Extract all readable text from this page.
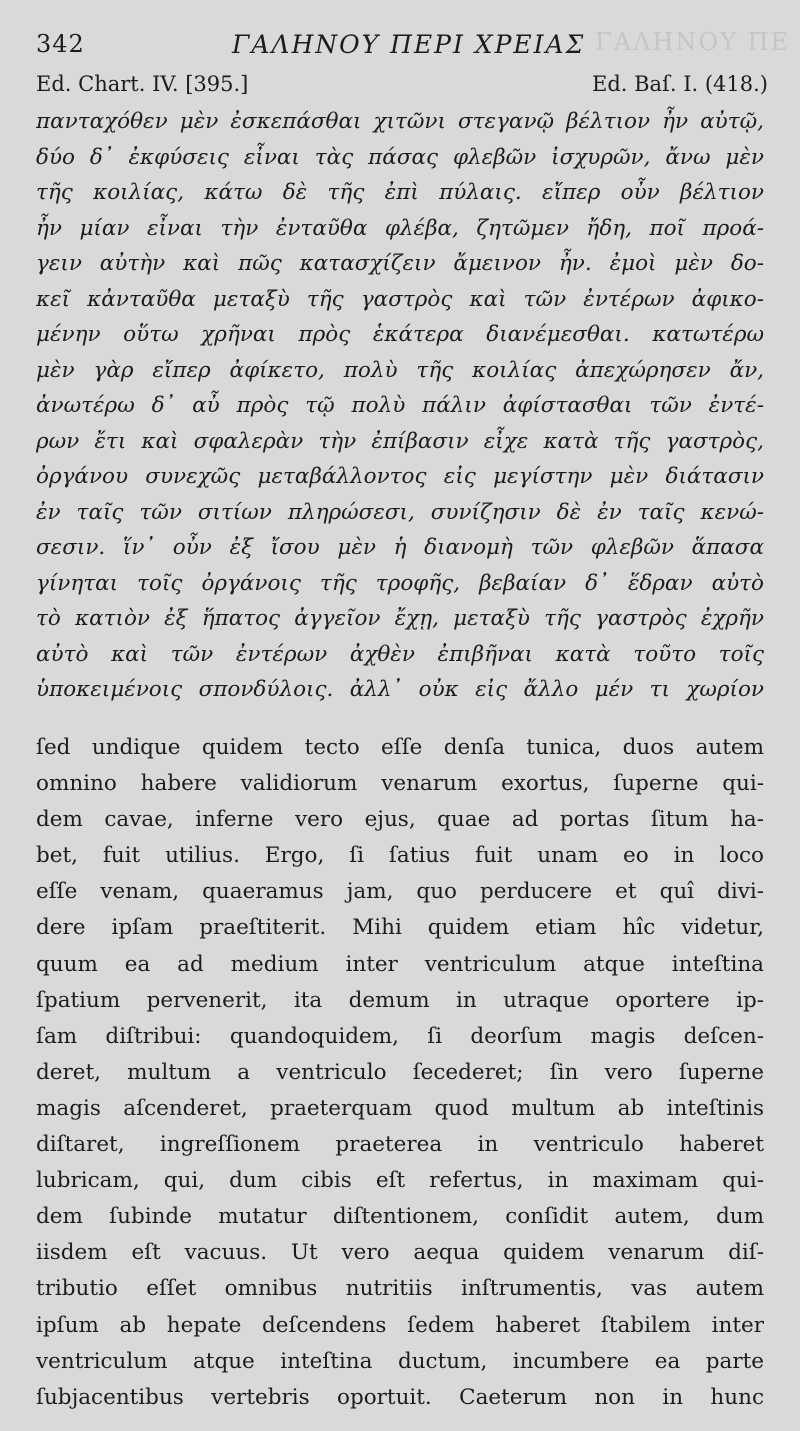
342	ΓΑΛΗΝΟΥ ΠΕΡΙ ΧΡΕΙΑΣ ΓΑΛΗΝΟΥ ΠΕ
Ed. Chart. IV. [395.]	Ed. Baſ. I. (418.)
πανταχόθεν μὲν ἐσκεπάσθαι χιτῶνι στεγανῷ βέλτιον ἦν αὐτῷ,
δύο δ᾽ ἐκφύσεις εἶναι τὰς πάσας φλεβῶν ἰσχυρῶν, ἄνω μὲν
τῆς κοιλίας, κάτω δὲ τῆς ἐπὶ πύλαις. εἴπερ οὖν βέλτιον
ἦν μίαν εἶναι τὴν ἐνταῦθα φλέβα, ζητῶμεν ἤδη, ποῖ προά-
γειν αὐτὴν καὶ πῶς κατασχίζειν ἄμεινον ἦν. ἐμοὶ μὲν δο-
κεῖ κἀνταῦθα μεταξὺ τῆς γαστρὸς καὶ τῶν ἐντέρων ἀφικο-
μένην οὕτω χρῆναι πρὸς ἑκάτερα διανέμεσθαι. κατωτέρω
μὲν γὰρ εἴπερ ἀφίκετο, πολὺ τῆς κοιλίας ἀπεχώρησεν ἄν,
ἀνωτέρω δ᾽ αὖ πρὸς τῷ πολὺ πάλιν ἀφίστασθαι τῶν ἐντέ-
ρων ἔτι καὶ σφαλερὰν τὴν ἐπίβασιν εἶχε κατὰ τῆς γαστρὸς,
ὀργάνου συνεχῶς μεταβάλλοντος εἰς μεγίστην μὲν διάτασιν
ἐν ταῖς τῶν σιτίων πληρώσεσι, συνίζησιν δὲ ἐν ταῖς κενώ-
σεσιν. ἵν᾽ οὖν ἐξ ἴσου μὲν ἡ διανομὴ τῶν φλεβῶν ἅπασα
γίνηται τοῖς ὀργάνοις τῆς τροφῆς, βεβαίαν δ᾽ ἕδραν αὐτὸ
τὸ κατιὸν ἐξ ἥπατος ἀγγεῖον ἔχῃ, μεταξὺ τῆς γαστρὸς ἐχρῆν
αὐτὸ καὶ τῶν ἐντέρων ἀχθὲν ἐπιβῆναι κατὰ τοῦτο τοῖς
ὑποκειμένοις σπονδύλοις. ἀλλ᾽ οὐκ εἰς ἄλλο μέν τι χωρίον
ſed undique quidem tecto eſſe denſa tunica, duos autem
omnino habere validiorum venarum exortus, ſuperne qui-
dem cavae, inferne vero ejus, quae ad portas ſitum ha-
bet, fuit utilius. Ergo, ſi ſatius fuit unam eo in loco
eſſe venam, quaeramus jam, quo perducere et quî divi-
dere ipſam praeſtiterit. Mihi quidem etiam hîc videtur,
quum ea ad medium inter ventriculum atque inteſtina
ſpatium pervenerit, ita demum in utraque oportere ip-
ſam diſtribui: quandoquidem, ſi deorſum magis deſcen-
deret, multum a ventriculo ſecederet; ſin vero ſuperne
magis aſcenderet, praeterquam quod multum ab inteſtinis
diſtaret, ingreſſionem praeterea in ventriculo haberet
lubricam, qui, dum cibis eſt refertus, in maximam qui-
dem ſubinde mutatur diſtentionem, conſidit autem, dum
iisdem eſt vacuus. Ut vero aequa quidem venarum diſ-
tributio eſſet omnibus nutritiis inſtrumentis, vas autem
ipſum ab hepate deſcendens ſedem haberet ſtabilem inter
ventriculum atque inteſtina ductum, incumbere ea parte
ſubjacentibus vertebris oportuit. Caeterum non in hunc
